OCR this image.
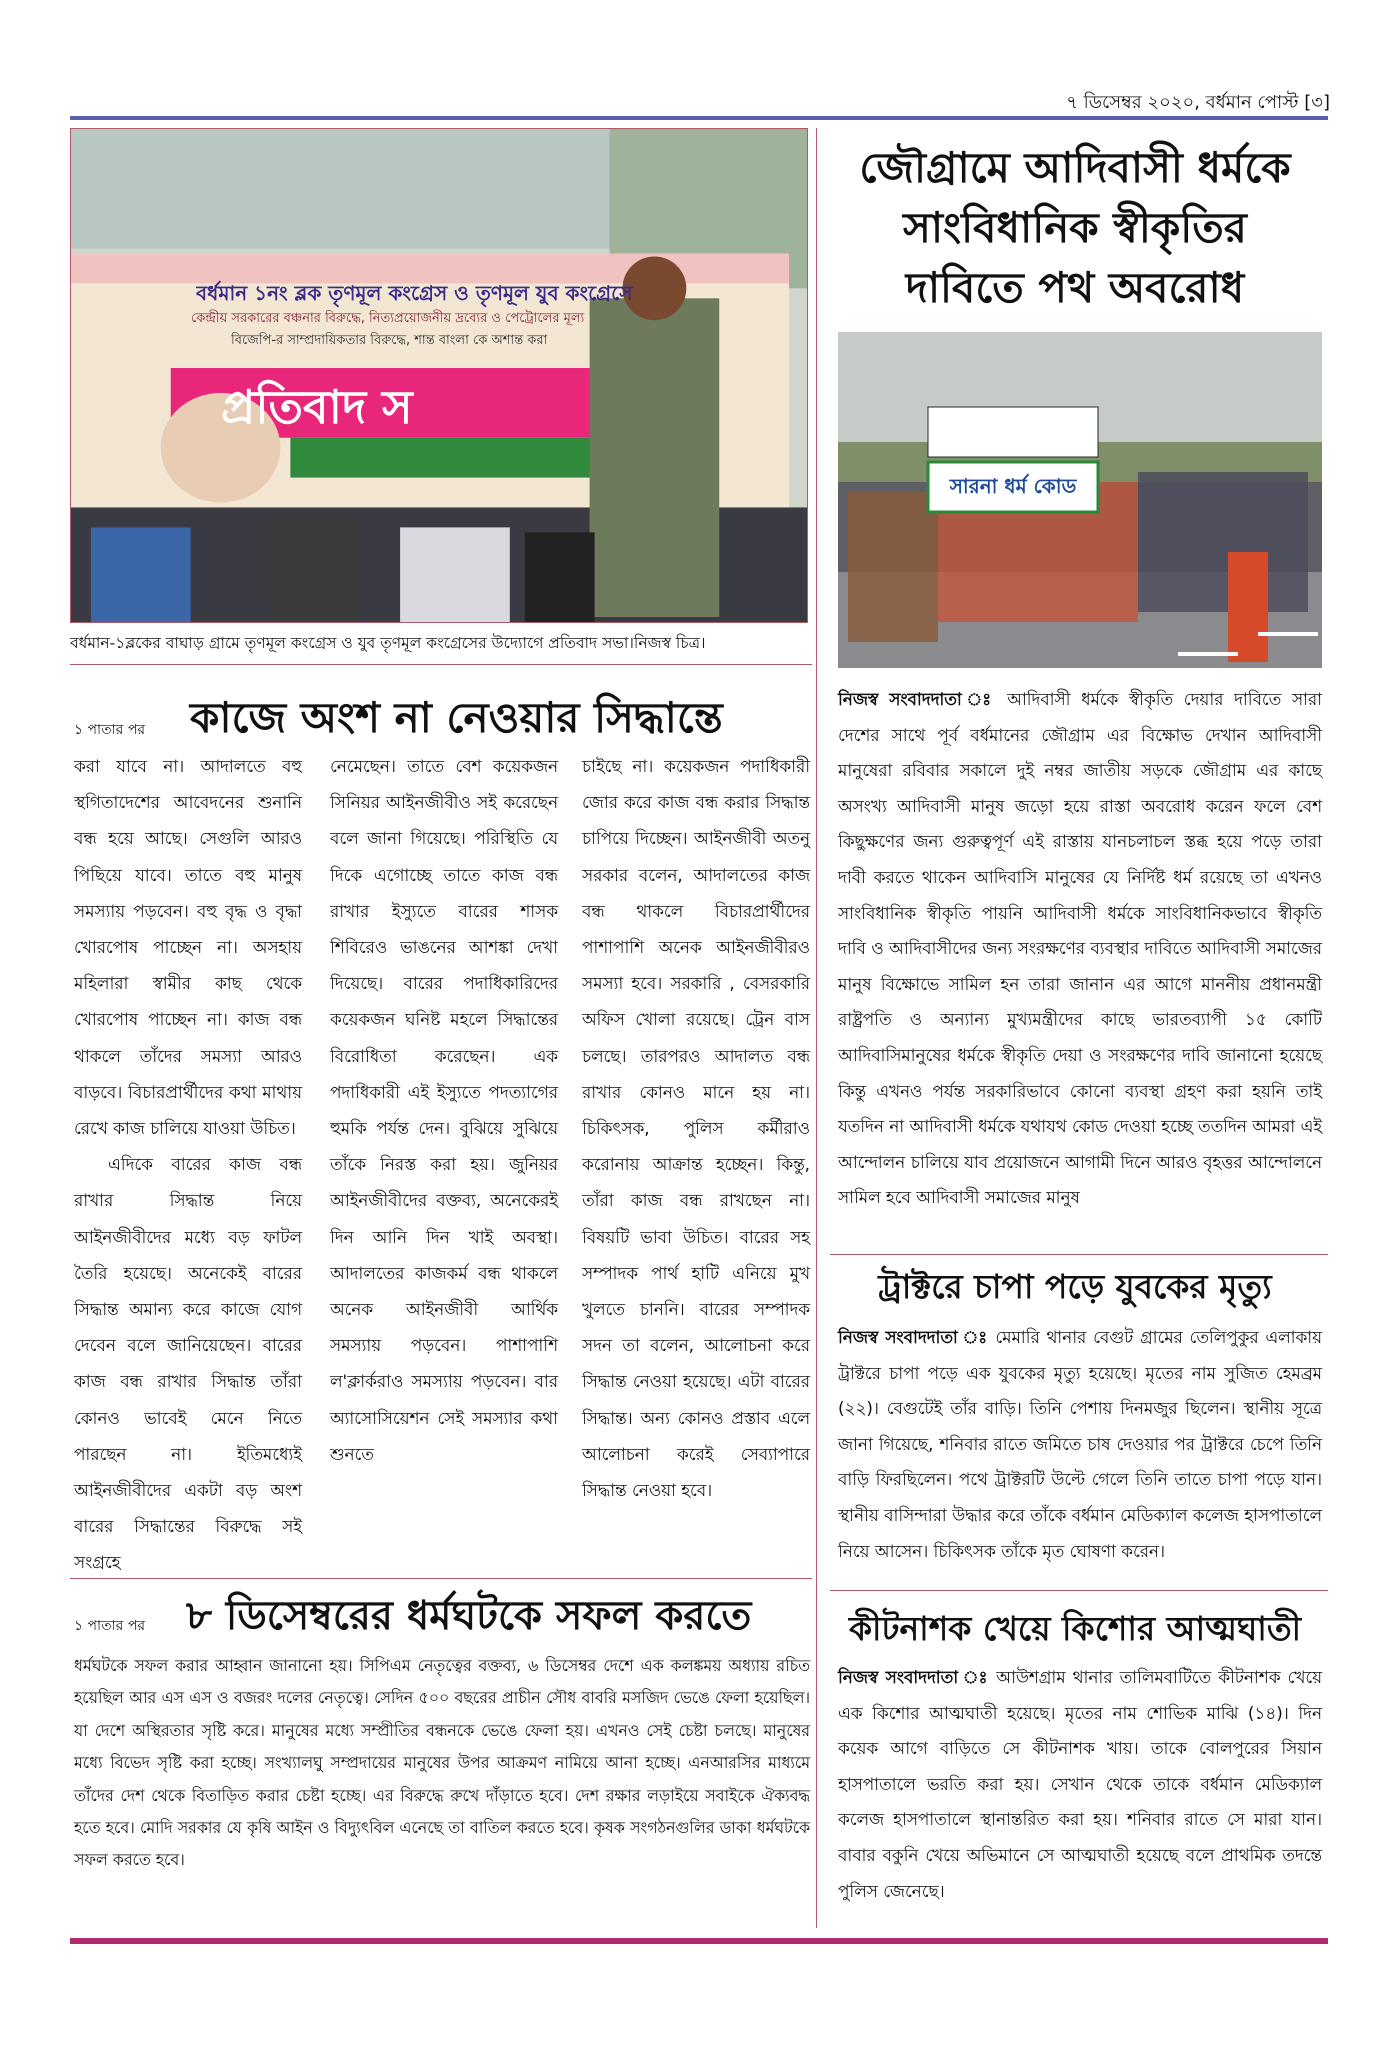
৭ ডিসেম্বর ২০২০, বর্ধমান পোস্ট [৩]
বর্ধমান ১নং ব্লক তৃণমূল কংগ্রেস ও তৃণমূল যুব কংগ্রেসে
কেন্দ্রীয় সরকারের বঞ্চনার বিরুদ্ধে, নিত্যপ্রয়োজনীয় দ্রব্যের ও পেট্রোলের মূল্য
বিজেপি-র সাম্প্রদায়িকতার বিরুদ্ধে, শান্ত বাংলা কে অশান্ত করা
প্রতিবাদ স
বর্ধমান-১ব্লকের বাঘাড় গ্রামে তৃণমূল কংগ্রেস ও যুব তৃণমূল কংগ্রেসের উদ্যোগে প্রতিবাদ সভা।নিজস্ব চিত্র।
জৌগ্রামে আদিবাসী ধর্মকে
সাংবিধানিক স্বীকৃতির
দাবিতে পথ অবরোধ
সারনা ধর্ম কোড
নিজস্ব সংবাদদাতা ঃ আদিবাসী ধর্মকে স্বীকৃতি দেয়ার দাবিতে সারা দেশের সাথে পূর্ব বর্ধমানের জৌগ্রাম এর বিক্ষোভ দেখান আদিবাসী মানুষেরা রবিবার সকালে দুই নম্বর জাতীয় সড়কে জৌগ্রাম এর কাছে অসংখ্য আদিবাসী মানুষ জড়ো হয়ে রাস্তা অবরোধ করেন ফলে বেশ কিছুক্ষণের জন্য গুরুত্বপূর্ণ এই রাস্তায় যানচলাচল স্তব্ধ হয়ে পড়ে তারা দাবী করতে থাকেন আদিবাসি মানুষের যে নির্দিষ্ট ধর্ম রয়েছে তা এখনও সাংবিধানিক স্বীকৃতি পায়নি আদিবাসী ধর্মকে সাংবিধানিকভাবে স্বীকৃতি দাবি ও আদিবাসীদের জন্য সংরক্ষণের ব্যবস্থার দাবিতে আদিবাসী সমাজের মানুষ বিক্ষোভে সামিল হন তারা জানান এর আগে মাননীয় প্রধানমন্ত্রী রাষ্ট্রপতি ও অন্যান্য মুখ্যমন্ত্রীদের কাছে ভারতব্যাপী ১৫ কোটি আদিবাসিমানুষের ধর্মকে স্বীকৃতি দেয়া ও সংরক্ষণের দাবি জানানো হয়েছে কিন্তু এখনও পর্যন্ত সরকারিভাবে কোনো ব্যবস্থা গ্রহণ করা হয়নি তাই যতদিন না আদিবাসী ধর্মকে যথাযথ কোড দেওয়া হচ্ছে ততদিন আমরা এই আন্দোলন চালিয়ে যাব প্রয়োজনে আগামী দিনে আরও বৃহত্তর আন্দোলনে সামিল হবে আদিবাসী সমাজের মানুষ
১ পাতার পর কাজে অংশ না নেওয়ার সিদ্ধান্তে

করা যাবে না। আদালতে বহু স্থগিতাদেশের আবেদনের শুনানি বন্ধ হয়ে আছে। সেগুলি আরও পিছিয়ে যাবে। তাতে বহু মানুষ সমস্যায় পড়বেন। বহু বৃদ্ধ ও বৃদ্ধা খোরপোষ পাচ্ছেন না। অসহায় মহিলারা স্বামীর কাছ থেকে খোরপোষ পাচ্ছেন না। কাজ বন্ধ থাকলে তাঁদের সমস্যা আরও বাড়বে। বিচারপ্রার্থীদের কথা মাথায় রেখে কাজ চালিয়ে যাওয়া উচিত।

এদিকে বারের কাজ বন্ধ রাখার সিদ্ধান্ত নিয়ে আইনজীবীদের মধ্যে বড় ফাটল তৈরি হয়েছে। অনেকেই বারের সিদ্ধান্ত অমান্য করে কাজে যোগ দেবেন বলে জানিয়েছেন। বারের কাজ বন্ধ রাখার সিদ্ধান্ত তাঁরা কোনও ভাবেই মেনে নিতে পারছেন না। ইতিমধ্যেই আইনজীবীদের একটা বড় অংশ বারের সিদ্ধান্তের বিরুদ্ধে সই সংগ্রহে

নেমেছেন। তাতে বেশ কয়েকজন সিনিয়র আইনজীবীও সই করেছেন বলে জানা গিয়েছে। পরিস্থিতি যে দিকে এগোচ্ছে তাতে কাজ বন্ধ রাখার ইস্যুতে বারের শাসক শিবিরেও ভাঙনের আশঙ্কা দেখা দিয়েছে। বারের পদাধিকারিদের কয়েকজন ঘনিষ্ট মহলে সিদ্ধান্তের বিরোধিতা করেছেন। এক পদাধিকারী এই ইস্যুতে পদত্যাগের হুমকি পর্যন্ত দেন। বুঝিয়ে সুঝিয়ে তাঁকে নিরস্ত করা হয়। জুনিয়র আইনজীবীদের বক্তব্য, অনেকেরই দিন আনি দিন খাই অবস্থা। আদালতের কাজকর্ম বন্ধ থাকলে অনেক আইনজীবী আর্থিক সমস্যায় পড়বেন। পাশাপাশি ল'ক্লার্করাও সমস্যায় পড়বেন। বার অ্যাসোসিয়েশন সেই সমস্যার কথা শুনতে

চাইছে না। কয়েকজন পদাধিকারী জোর করে কাজ বন্ধ করার সিদ্ধান্ত চাপিয়ে দিচ্ছেন। আইনজীবী অতনু সরকার বলেন, আদালতের কাজ বন্ধ থাকলে বিচারপ্রার্থীদের পাশাপাশি অনেক আইনজীবীরও সমস্যা হবে। সরকারি , বেসরকারি অফিস খোলা রয়েছে। ট্রেন বাস চলছে। তারপরও আদালত বন্ধ রাখার কোনও মানে হয় না। চিকিৎসক, পুলিস কর্মীরাও করোনায় আক্রান্ত হচ্ছেন। কিন্তু, তাঁরা কাজ বন্ধ রাখছেন না। বিষয়টি ভাবা উচিত। বারের সহ সম্পাদক পার্থ হাটি এনিয়ে মুখ খুলতে চাননি। বারের সম্পাদক সদন তা বলেন, আলোচনা করে সিদ্ধান্ত নেওয়া হয়েছে। এটা বারের সিদ্ধান্ত। অন্য কোনও প্রস্তাব এলে আলোচনা করেই সেব্যাপারে সিদ্ধান্ত নেওয়া হবে।

ট্রাক্টরে চাপা পড়ে যুবকের মৃত্যু
নিজস্ব সংবাদদাতা ঃ মেমারি থানার বেগুট গ্রামের তেলিপুকুর এলাকায় ট্রাক্টরে চাপা পড়ে এক যুবকের মৃত্যু হয়েছে। মৃতের নাম সুজিত হেমব্রম (২২)। বেগুটেই তাঁর বাড়ি। তিনি পেশায় দিনমজুর ছিলেন। স্থানীয় সূত্রে জানা গিয়েছে, শনিবার রাতে জমিতে চাষ দেওয়ার পর ট্রাক্টরে চেপে তিনি বাড়ি ফিরছিলেন। পথে ট্রাক্টরটি উল্টে গেলে তিনি তাতে চাপা পড়ে যান। স্থানীয় বাসিন্দারা উদ্ধার করে তাঁকে বর্ধমান মেডিক্যাল কলেজ হাসপাতালে নিয়ে আসেন। চিকিৎসক তাঁকে মৃত ঘোষণা করেন।
১ পাতার পর ৮ ডিসেম্বরের ধর্মঘটকে সফল করতে
ধর্মঘটকে সফল করার আহ্বান জানানো হয়। সিপিএম নেতৃত্বের বক্তব্য, ৬ ডিসেম্বর দেশে এক কলঙ্কময় অধ্যায় রচিত হয়েছিল আর এস এস ও বজরং দলের নেতৃত্বে। সেদিন ৫০০ বছরের প্রাচীন সৌধ বাবরি মসজিদ ভেঙে ফেলা হয়েছিল। যা দেশে অস্থিরতার সৃষ্টি করে। মানুষের মধ্যে সম্প্রীতির বন্ধনকে ভেঙে ফেলা হয়। এখনও সেই চেষ্টা চলছে। মানুষের মধ্যে বিভেদ সৃষ্টি করা হচ্ছে। সংখ্যালঘু সম্প্রদায়ের মানুষের উপর আক্রমণ নামিয়ে আনা হচ্ছে। এনআরসির মাধ্যমে তাঁদের দেশ থেকে বিতাড়িত করার চেষ্টা হচ্ছে। এর বিরুদ্ধে রুখে দাঁড়াতে হবে। দেশ রক্ষার লড়াইয়ে সবাইকে ঐক্যবদ্ধ হতে হবে। মোদি সরকার যে কৃষি আইন ও বিদ্যুৎবিল এনেছে তা বাতিল করতে হবে। কৃষক সংগঠনগুলির ডাকা ধর্মঘটকে সফল করতে হবে।
কীটনাশক খেয়ে কিশোর আত্মঘাতী
নিজস্ব সংবাদদাতা ঃ আউশগ্রাম থানার তালিমবাটিতে কীটনাশক খেয়ে এক কিশোর আত্মঘাতী হয়েছে। মৃতের নাম শোভিক মাঝি (১৪)। দিন কয়েক আগে বাড়িতে সে কীটনাশক খায়। তাকে বোলপুরের সিয়ান হাসপাতালে ভরতি করা হয়। সেখান থেকে তাকে বর্ধমান মেডিক্যাল কলেজ হাসপাতালে স্থানান্তরিত করা হয়। শনিবার রাতে সে মারা যান। বাবার বকুনি খেয়ে অভিমানে সে আত্মঘাতী হয়েছে বলে প্রাথমিক তদন্তে পুলিস জেনেছে।
